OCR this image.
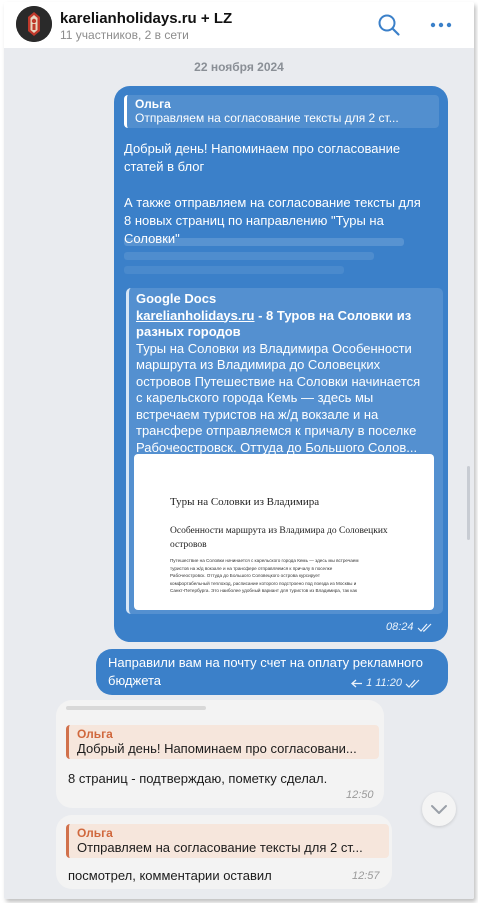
karelianholidays.ru + LZ
11 участников, 2 в сети
22 ноября 2024
Ольга
Отправляем на согласование тексты для 2 ст...
Добрый день! Напоминаем про согласование
статей в блог
А также отправляем на согласование тексты для
8 новых страниц по направлению "Туры на
Соловки"
Google Docs
karelianholidays.ru - 8 Туров на Соловки из
разных городов
Туры на Соловки из Владимира Особенности
маршрута из Владимира до Соловецких
островов Путешествие на Соловки начинается
с карельского города Кемь — здесь мы
встречаем туристов на ж/д вокзале и на
трансфере отправляемся к причалу в поселке
Рабочеостровск. Оттуда до Большого Солов...
Туры на Соловки из Владимира
Особенности маршрута из Владимира до Соловецких
островов
Путешествие на Соловки начинается с карельского города Кемь — здесь мы встречаем
туристов на ж/д вокзале и на трансфере отправляемся к причалу в поселке
Рабочеостровск. Оттуда до Большого Соловецкого острова курсирует
комфортабельный теплоход, расписание которого подстроено под поезда из Москвы и
Санкт-Петербурга. Это наиболее удобный вариант для туристов из Владимира, так как
08:24
Направили вам на почту счет на оплату рекламного
бюджета	1 11:20
Ольга
Добрый день! Напоминаем про согласовани...
8 страниц - подтверждаю, пометку сделал.
12:50
Ольга
Отправляем на согласование тексты для 2 ст...
посмотрел, комментарии оставил	12:57
